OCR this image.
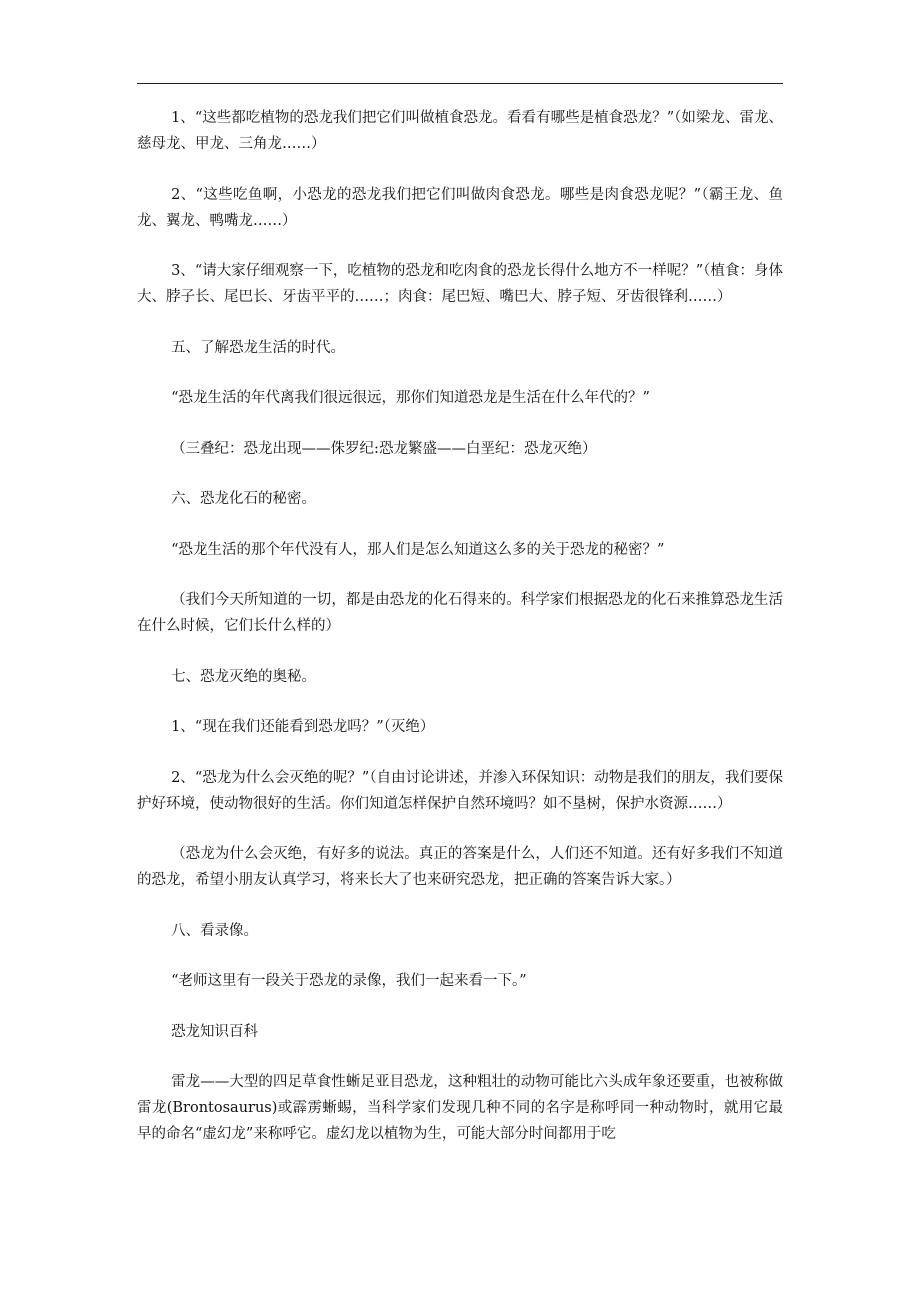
1、“这些都吃植物的恐龙我们把它们叫做植食恐龙。看看有哪些是植食恐龙？”（如梁龙、雷龙、慈母龙、甲龙、三角龙……）

2、“这些吃鱼啊，小恐龙的恐龙我们把它们叫做肉食恐龙。哪些是肉食恐龙呢？”（霸王龙、鱼龙、翼龙、鸭嘴龙……）

3、“请大家仔细观察一下，吃植物的恐龙和吃肉食的恐龙长得什么地方不一样呢？”（植食：身体大、脖子长、尾巴长、牙齿平平的……；肉食：尾巴短、嘴巴大、脖子短、牙齿很锋利……）

五、了解恐龙生活的时代。

“恐龙生活的年代离我们很远很远，那你们知道恐龙是生活在什么年代的？”

（三叠纪：恐龙出现——侏罗纪:恐龙繁盛——白垩纪：恐龙灭绝）

六、恐龙化石的秘密。

“恐龙生活的那个年代没有人，那人们是怎么知道这么多的关于恐龙的秘密？”

（我们今天所知道的一切，都是由恐龙的化石得来的。科学家们根据恐龙的化石来推算恐龙生活在什么时候，它们长什么样的）

七、恐龙灭绝的奥秘。

1、“现在我们还能看到恐龙吗？”（灭绝）

2、“恐龙为什么会灭绝的呢？”（自由讨论讲述，并渗入环保知识：动物是我们的朋友，我们要保护好环境，使动物很好的生活。你们知道怎样保护自然环境吗？如不垦树，保护水资源……）

（恐龙为什么会灭绝，有好多的说法。真正的答案是什么，人们还不知道。还有好多我们不知道的恐龙，希望小朋友认真学习，将来长大了也来研究恐龙，把正确的答案告诉大家。）

八、看录像。

“老师这里有一段关于恐龙的录像，我们一起来看一下。”

恐龙知识百科

雷龙——大型的四足草食性蜥足亚目恐龙，这种粗壮的动物可能比六头成年象还要重，也被称做雷龙(Brontosaurus)或霹雳蜥蜴，当科学家们发现几种不同的名字是称呼同一种动物时，就用它最早的命名“虚幻龙”来称呼它。虚幻龙以植物为生，可能大部分时间都用于吃
